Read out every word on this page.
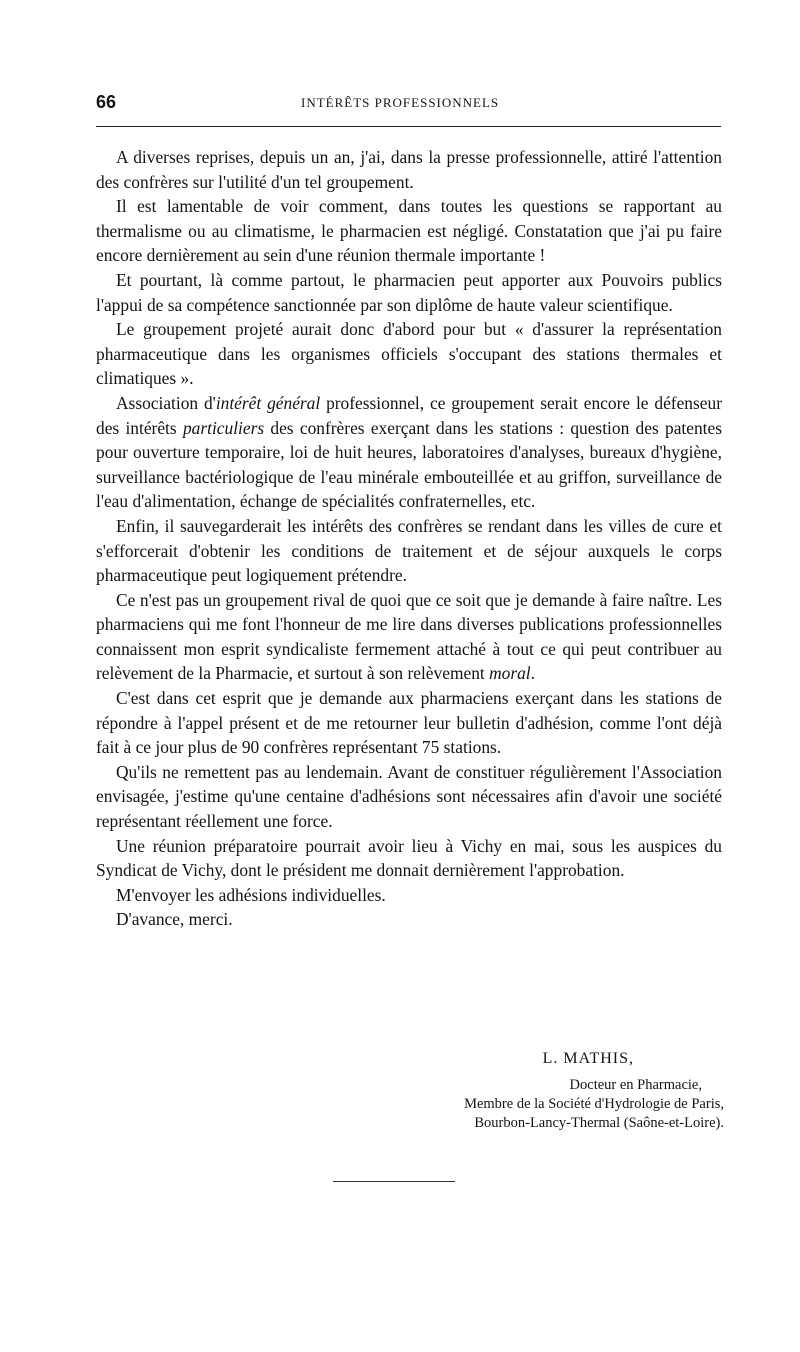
66	INTÉRÊTS PROFESSIONNELS

A diverses reprises, depuis un an, j'ai, dans la presse professionnelle, attiré l'attention des confrères sur l'utilité d'un tel groupement.

Il est lamentable de voir comment, dans toutes les questions se rapportant au thermalisme ou au climatisme, le pharmacien est négligé. Constatation que j'ai pu faire encore dernièrement au sein d'une réunion thermale importante !

Et pourtant, là comme partout, le pharmacien peut apporter aux Pouvoirs publics l'appui de sa compétence sanctionnée par son diplôme de haute valeur scientifique.

Le groupement projeté aurait donc d'abord pour but « d'assurer la représentation pharmaceutique dans les organismes officiels s'occupant des stations thermales et climatiques ».

Association d'intérêt général professionnel, ce groupement serait encore le défenseur des intérêts particuliers des confrères exerçant dans les stations : question des patentes pour ouverture temporaire, loi de huit heures, laboratoires d'analyses, bureaux d'hygiène, surveillance bactériologique de l'eau minérale embouteillée et au griffon, surveillance de l'eau d'alimentation, échange de spécialités confraternelles, etc.

Enfin, il sauvegarderait les intérêts des confrères se rendant dans les villes de cure et s'efforcerait d'obtenir les conditions de traitement et de séjour auxquels le corps pharmaceutique peut logiquement prétendre.

Ce n'est pas un groupement rival de quoi que ce soit que je demande à faire naître. Les pharmaciens qui me font l'honneur de me lire dans diverses publications professionnelles connaissent mon esprit syndicaliste fermement attaché à tout ce qui peut contribuer au relèvement de la Pharmacie, et surtout à son relèvement moral.

C'est dans cet esprit que je demande aux pharmaciens exerçant dans les stations de répondre à l'appel présent et de me retourner leur bulletin d'adhésion, comme l'ont déjà fait à ce jour plus de 90 confrères représentant 75 stations.

Qu'ils ne remettent pas au lendemain. Avant de constituer régulièrement l'Association envisagée, j'estime qu'une centaine d'adhésions sont nécessaires afin d'avoir une société représentant réellement une force.

Une réunion préparatoire pourrait avoir lieu à Vichy en mai, sous les auspices du Syndicat de Vichy, dont le président me donnait dernièrement l'approbation.

M'envoyer les adhésions individuelles.

D'avance, merci.

L. MATHIS,
Docteur en Pharmacie,
Membre de la Société d'Hydrologie de Paris,
Bourbon-Lancy-Thermal (Saône-et-Loire).
